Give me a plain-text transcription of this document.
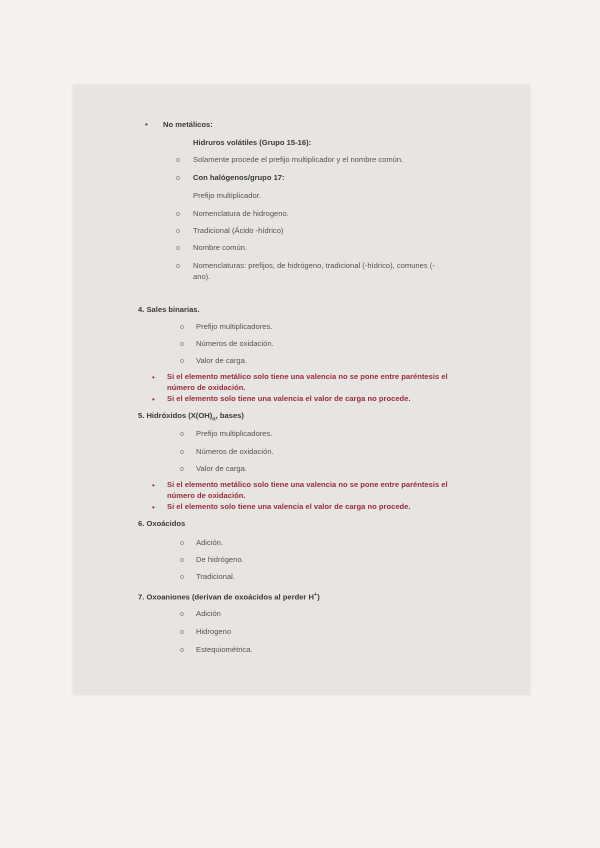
• No metálicos:

Hidruros volátiles (Grupo 15-16):

o Solamente procede el prefijo multiplicador y el nombre común.

o Con halógenos/grupo 17:

Prefijo multiplicador.

o Nomenclatura de hidrogeno.

o Tradicional (Ácido -hídrico)

o Nombre común.

o Nomenclaturas: prefijos, de hidrógeno, tradicional (-hídrico), comunes (-

ano).

4. Sales binarias.

o Prefijo multiplicadores.

o Números de oxidación.

o Valor de carga.

• Si el elemento metálico solo tiene una valencia no se pone entre paréntesis el

número de oxidación.

• Si el elemento solo tiene una valencia el valor de carga no procede.

5. Hidróxidos ($X(OH)_n$, bases)

o Prefijo multiplicadores.

o Números de oxidación.

o Valor de carga.

• Si el elemento metálico solo tiene una valencia no se pone entre paréntesis el

número de oxidación.

• Si el elemento solo tiene una valencia el valor de carga no procede.

6. Oxoácidos

o Adición.

o De hidrógeno.

o Tradicional.

7. Oxoaniones (derivan de oxoácidos al perder H+)

o Adición

o Hidrogeno

o Estequiométrica.
